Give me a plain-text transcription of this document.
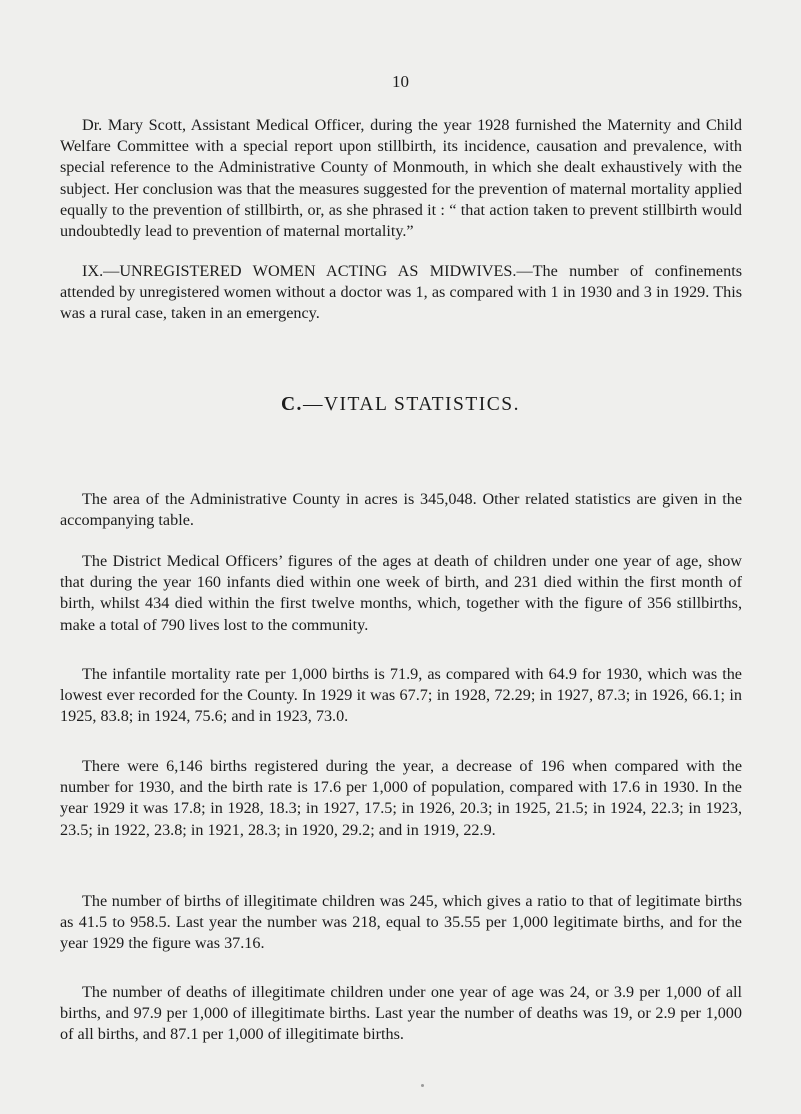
10

Dr. Mary Scott, Assistant Medical Officer, during the year 1928 furnished the Maternity and Child Welfare Committee with a special report upon stillbirth, its incidence, causation and prevalence, with special reference to the Administrative County of Monmouth, in which she dealt exhaustively with the subject. Her conclusion was that the measures suggested for the prevention of maternal mortality applied equally to the prevention of stillbirth, or, as she phrased it : “ that action taken to prevent stillbirth would undoubtedly lead to prevention of maternal mortality.”

IX.—UNREGISTERED WOMEN ACTING AS MIDWIVES.—The number of confinements attended by unregistered women without a doctor was 1, as compared with 1 in 1930 and 3 in 1929. This was a rural case, taken in an emergency.

C.—VITAL STATISTICS.

The area of the Administrative County in acres is 345,048. Other related statistics are given in the accompanying table.

The District Medical Officers’ figures of the ages at death of children under one year of age, show that during the year 160 infants died within one week of birth, and 231 died within the first month of birth, whilst 434 died within the first twelve months, which, together with the figure of 356 stillbirths, make a total of 790 lives lost to the community.

The infantile mortality rate per 1,000 births is 71.9, as compared with 64.9 for 1930, which was the lowest ever recorded for the County. In 1929 it was 67.7; in 1928, 72.29; in 1927, 87.3; in 1926, 66.1; in 1925, 83.8; in 1924, 75.6; and in 1923, 73.0.

There were 6,146 births registered during the year, a decrease of 196 when compared with the number for 1930, and the birth rate is 17.6 per 1,000 of population, compared with 17.6 in 1930. In the year 1929 it was 17.8; in 1928, 18.3; in 1927, 17.5; in 1926, 20.3; in 1925, 21.5; in 1924, 22.3; in 1923, 23.5; in 1922, 23.8; in 1921, 28.3; in 1920, 29.2; and in 1919, 22.9.

The number of births of illegitimate children was 245, which gives a ratio to that of legitimate births as 41.5 to 958.5. Last year the number was 218, equal to 35.55 per 1,000 legitimate births, and for the year 1929 the figure was 37.16.

The number of deaths of illegitimate children under one year of age was 24, or 3.9 per 1,000 of all births, and 97.9 per 1,000 of illegitimate births. Last year the number of deaths was 19, or 2.9 per 1,000 of all births, and 87.1 per 1,000 of illegitimate births.
